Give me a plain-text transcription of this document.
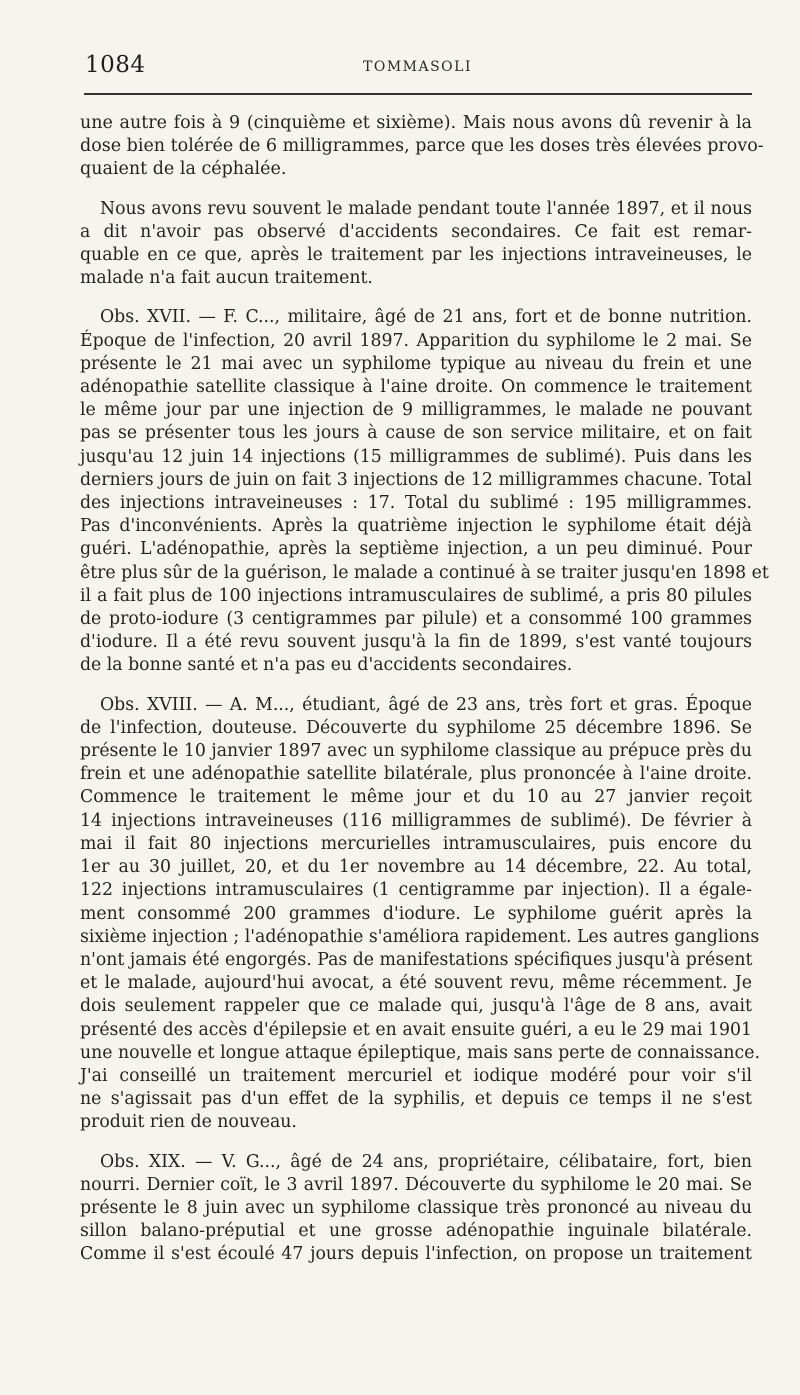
1084	TOMMASOLI
une autre fois à 9 (cinquième et sixième). Mais nous avons dû revenir à la
dose bien tolérée de 6 milligrammes, parce que les doses très élevées provo-
quaient de la céphalée.
Nous avons revu souvent le malade pendant toute l'année 1897, et il nous
a dit n'avoir pas observé d'accidents secondaires. Ce fait est remar-
quable en ce que, après le traitement par les injections intraveineuses, le
malade n'a fait aucun traitement.
Obs. XVII. — F. C..., militaire, âgé de 21 ans, fort et de bonne nutrition.
Époque de l'infection, 20 avril 1897. Apparition du syphilome le 2 mai. Se
présente le 21 mai avec un syphilome typique au niveau du frein et une
adénopathie satellite classique à l'aine droite. On commence le traitement
le même jour par une injection de 9 milligrammes, le malade ne pouvant
pas se présenter tous les jours à cause de son service militaire, et on fait
jusqu'au 12 juin 14 injections (15 milligrammes de sublimé). Puis dans les
derniers jours de juin on fait 3 injections de 12 milligrammes chacune. Total
des injections intraveineuses : 17. Total du sublimé : 195 milligrammes.
Pas d'inconvénients. Après la quatrième injection le syphilome était déjà
guéri. L'adénopathie, après la septième injection, a un peu diminué. Pour
être plus sûr de la guérison, le malade a continué à se traiter jusqu'en 1898 et
il a fait plus de 100 injections intramusculaires de sublimé, a pris 80 pilules
de proto-iodure (3 centigrammes par pilule) et a consommé 100 grammes
d'iodure. Il a été revu souvent jusqu'à la fin de 1899, s'est vanté toujours
de la bonne santé et n'a pas eu d'accidents secondaires.
Obs. XVIII. — A. M..., étudiant, âgé de 23 ans, très fort et gras. Époque
de l'infection, douteuse. Découverte du syphilome 25 décembre 1896. Se
présente le 10 janvier 1897 avec un syphilome classique au prépuce près du
frein et une adénopathie satellite bilatérale, plus prononcée à l'aine droite.
Commence le traitement le même jour et du 10 au 27 janvier reçoit
14 injections intraveineuses (116 milligrammes de sublimé). De février à
mai il fait 80 injections mercurielles intramusculaires, puis encore du
1er au 30 juillet, 20, et du 1er novembre au 14 décembre, 22. Au total,
122 injections intramusculaires (1 centigramme par injection). Il a égale-
ment consommé 200 grammes d'iodure. Le syphilome guérit après la
sixième injection ; l'adénopathie s'améliora rapidement. Les autres ganglions
n'ont jamais été engorgés. Pas de manifestations spécifiques jusqu'à présent
et le malade, aujourd'hui avocat, a été souvent revu, même récemment. Je
dois seulement rappeler que ce malade qui, jusqu'à l'âge de 8 ans, avait
présenté des accès d'épilepsie et en avait ensuite guéri, a eu le 29 mai 1901
une nouvelle et longue attaque épileptique, mais sans perte de connaissance.
J'ai conseillé un traitement mercuriel et iodique modéré pour voir s'il
ne s'agissait pas d'un effet de la syphilis, et depuis ce temps il ne s'est
produit rien de nouveau.
Obs. XIX. — V. G..., âgé de 24 ans, propriétaire, célibataire, fort, bien
nourri. Dernier coït, le 3 avril 1897. Découverte du syphilome le 20 mai. Se
présente le 8 juin avec un syphilome classique très prononcé au niveau du
sillon balano-préputial et une grosse adénopathie inguinale bilatérale.
Comme il s'est écoulé 47 jours depuis l'infection, on propose un traitement
